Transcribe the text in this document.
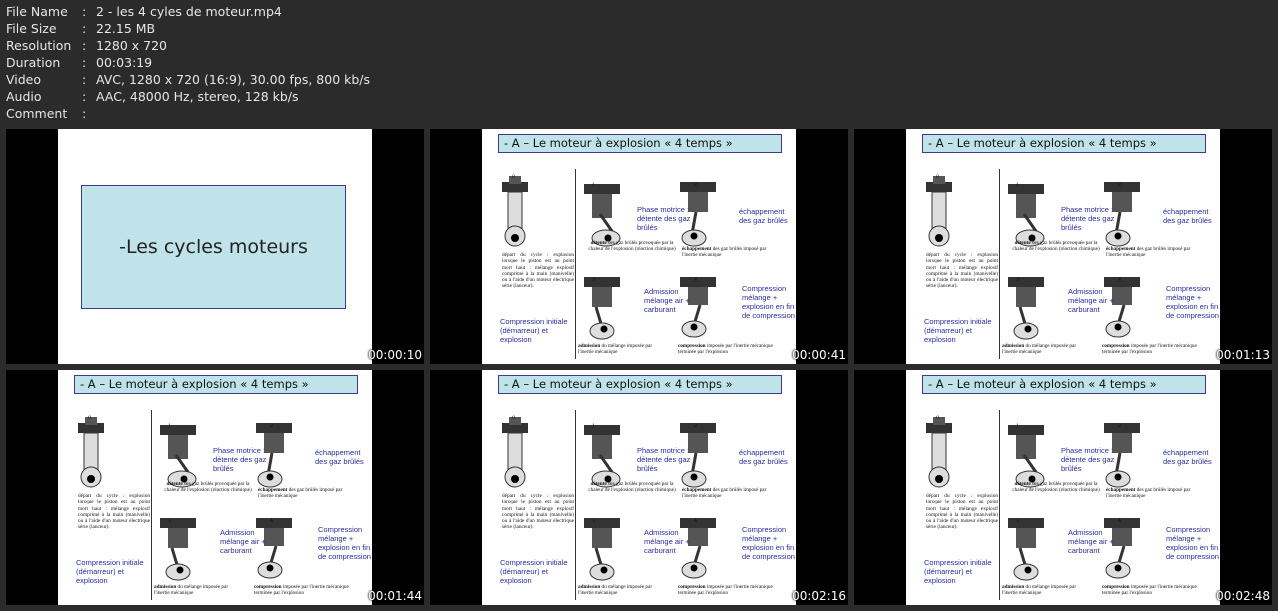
File Name	: 2 - les 4 cyles de moteur.mp4
File Size	: 22.15 MB
Resolution : 1280 x 720
Duration	: 00:03:19
Video	: AVC, 1280 x 720 (16:9), 30.00 fps, 800 kb/s
Audio	: AAC, 48000 Hz, stereo, 128 kb/s
Comment	:
-Les cycles moteurs
00:00:10
- A – Le moteur à explosion « 4 temps »
0
1	2
3	4
Phase motrice : détente des gaz brûlés
échappement des gaz brûlés
Admission mélange air + carburant
Compression mélange + explosion en fin de compression
Compression initiale (démarreur) et explosion
départ du cycle : explosion lorsque le piston est au point mort haut : mélange explosif comprimé à la main (manivelle) ou à l'aide d'un moteur électrique série (lanceur).
détente des gaz brûlés provoquée par la chaleur de l'explosion (réaction chimique) échappement des gaz brûlés imposé par l'inertie mécanique
admission du mélange imposée par l'inertie mécanique
compression imposée par l'inertie mécanique terminée par l'explosion	00:00:41
- A – Le moteur à explosion « 4 temps »
0
1	2
3	4
Phase motrice : détente des gaz brûlés
échappement des gaz brûlés
Admission mélange air + carburant
Compression mélange + explosion en fin de compression
Compression initiale (démarreur) et explosion
départ du cycle : explosion lorsque le piston est au point mort haut : mélange explosif comprimé à la main (manivelle) ou à l'aide d'un moteur électrique série (lanceur).
détente des gaz brûlés provoquée par la chaleur de l'explosion (réaction chimique) échappement des gaz brûlés imposé par l'inertie mécanique
admission du mélange imposée par l'inertie mécanique
compression imposée par l'inertie mécanique terminée par l'explosion	00:01:13
- A – Le moteur à explosion « 4 temps »
0
1	2
3	4
Phase motrice : détente des gaz brûlés
échappement des gaz brûlés
Admission mélange air + carburant
Compression mélange + explosion en fin de compression
Compression initiale (démarreur) et explosion
départ du cycle : explosion lorsque le piston est au point mort haut : mélange explosif comprimé à la main (manivelle) ou à l'aide d'un moteur électrique série (lanceur).
détente des gaz brûlés provoquée par la chaleur de l'explosion (réaction chimique) échappement des gaz brûlés imposé par l'inertie mécanique
admission du mélange imposée par l'inertie mécanique
compression imposée par l'inertie mécanique terminée par l'explosion	00:01:44
- A – Le moteur à explosion « 4 temps »
0
1	2
3	4
Phase motrice : détente des gaz brûlés
échappement des gaz brûlés
Admission mélange air + carburant
Compression mélange + explosion en fin de compression
Compression initiale (démarreur) et explosion
départ du cycle : explosion lorsque le piston est au point mort haut : mélange explosif comprimé à la main (manivelle) ou à l'aide d'un moteur électrique série (lanceur).
détente des gaz brûlés provoquée par la chaleur de l'explosion (réaction chimique) échappement des gaz brûlés imposé par l'inertie mécanique
admission du mélange imposée par l'inertie mécanique
compression imposée par l'inertie mécanique terminée par l'explosion	00:02:16
- A – Le moteur à explosion « 4 temps »
0
1	2
3	4
Phase motrice : détente des gaz brûlés
échappement des gaz brûlés
Admission mélange air + carburant
Compression mélange + explosion en fin de compression
Compression initiale (démarreur) et explosion
départ du cycle : explosion lorsque le piston est au point mort haut : mélange explosif comprimé à la main (manivelle) ou à l'aide d'un moteur électrique série (lanceur).
détente des gaz brûlés provoquée par la chaleur de l'explosion (réaction chimique) échappement des gaz brûlés imposé par l'inertie mécanique
admission du mélange imposée par l'inertie mécanique
compression imposée par l'inertie mécanique terminée par l'explosion	00:02:48
